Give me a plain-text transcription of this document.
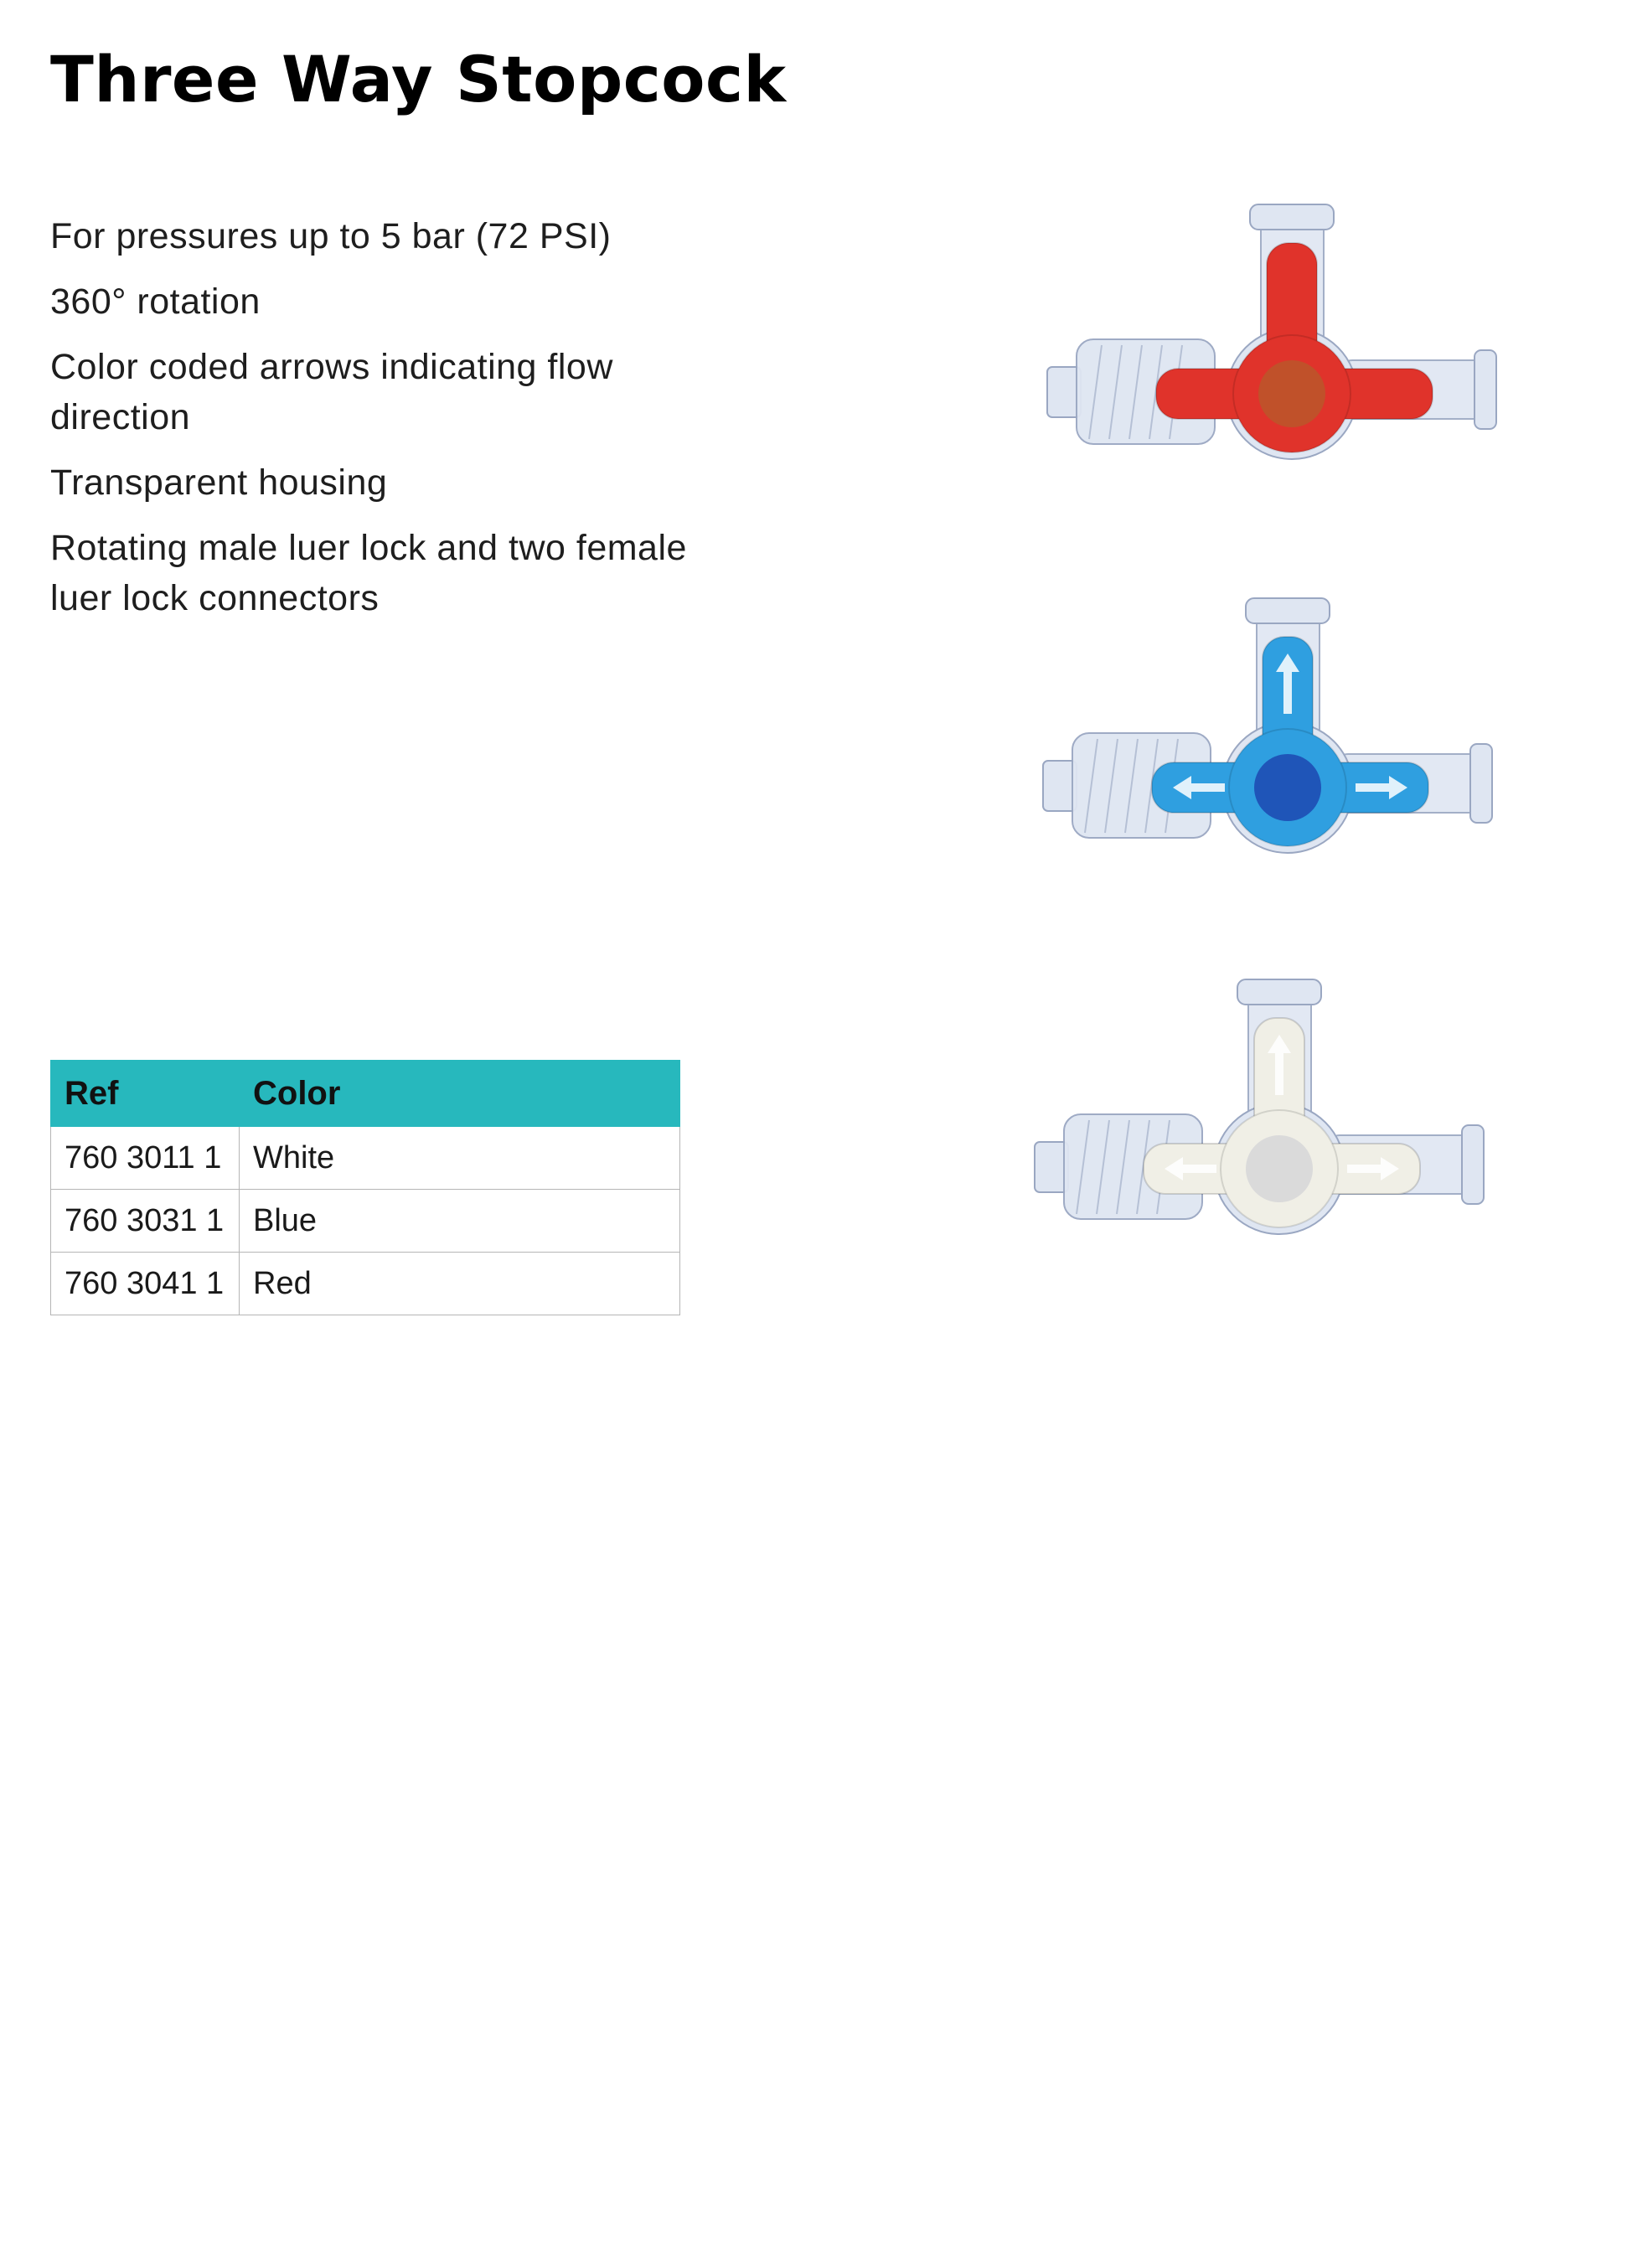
Three Way Stopcock
For pressures up to 5 bar (72 PSI)
360° rotation
Color coded arrows indicating flow direction
Transparent housing
Rotating male luer lock and two female luer lock connectors
Ref	Color
760 3011 1	White
760 3031 1	Blue
760 3041 1	Red
